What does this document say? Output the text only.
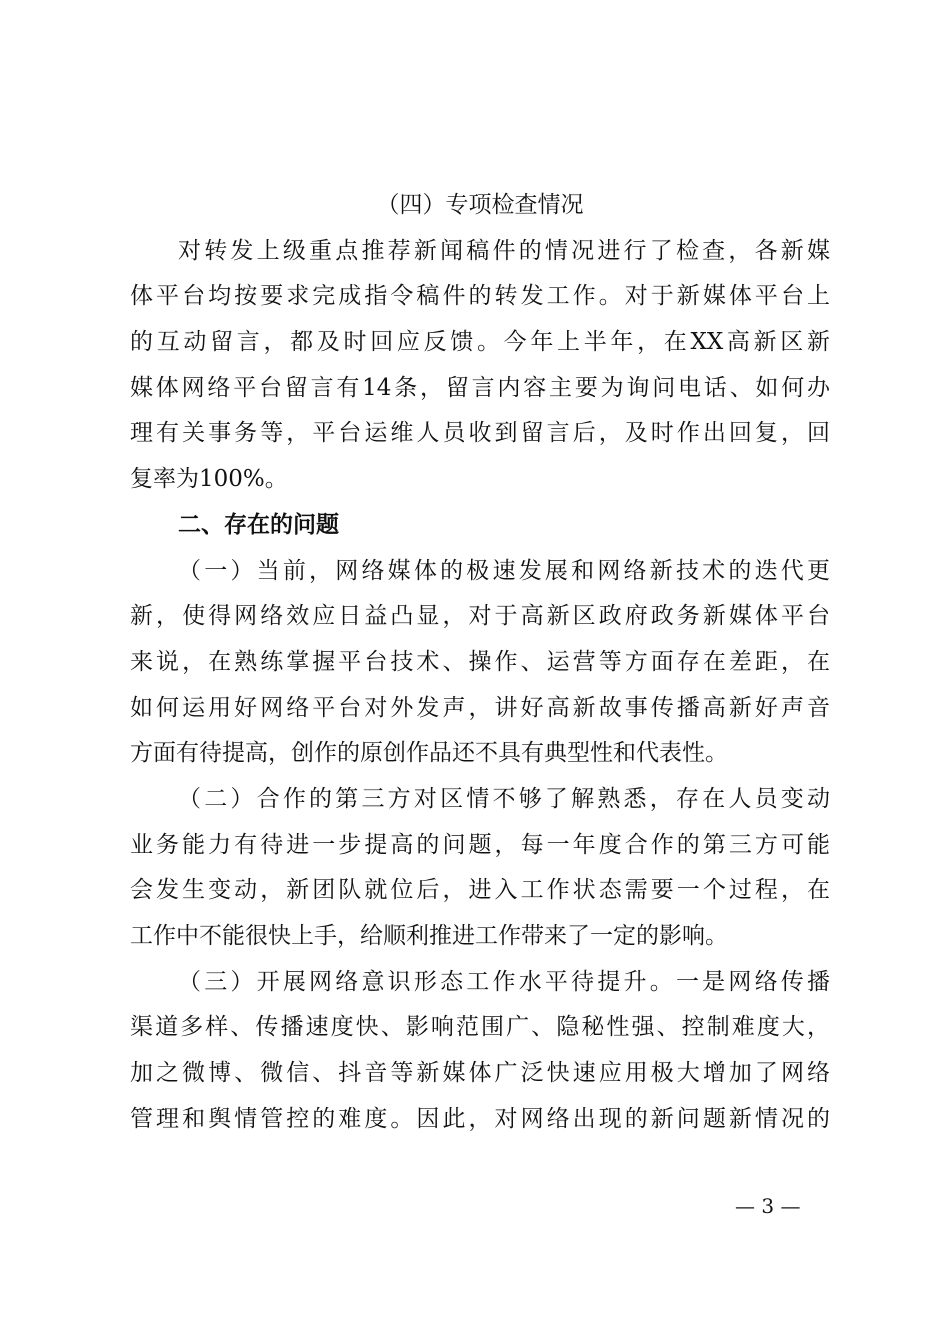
（四）专项检查情况
对转发上级重点推荐新闻稿件的情况进行了检查，各新媒
体平台均按要求完成指令稿件的转发工作。对于新媒体平台上
的互动留言，都及时回应反馈。今年上半年，在XX高新区新
媒体网络平台留言有14条，留言内容主要为询问电话、如何办
理有关事务等，平台运维人员收到留言后，及时作出回复，回
复率为100%。
二、存在的问题
（一）当前，网络媒体的极速发展和网络新技术的迭代更
新，使得网络效应日益凸显，对于高新区政府政务新媒体平台
来说，在熟练掌握平台技术、操作、运营等方面存在差距，在
如何运用好网络平台对外发声，讲好高新故事传播高新好声音
方面有待提高，创作的原创作品还不具有典型性和代表性。
（二）合作的第三方对区情不够了解熟悉，存在人员变动
业务能力有待进一步提高的问题，每一年度合作的第三方可能
会发生变动，新团队就位后，进入工作状态需要一个过程，在
工作中不能很快上手，给顺利推进工作带来了一定的影响。
（三）开展网络意识形态工作水平待提升。一是网络传播
渠道多样、传播速度快、影响范围广、隐秘性强、控制难度大，
加之微博、微信、抖音等新媒体广泛快速应用极大增加了网络
管理和舆情管控的难度。因此，对网络出现的新问题新情况的
— 3 —
